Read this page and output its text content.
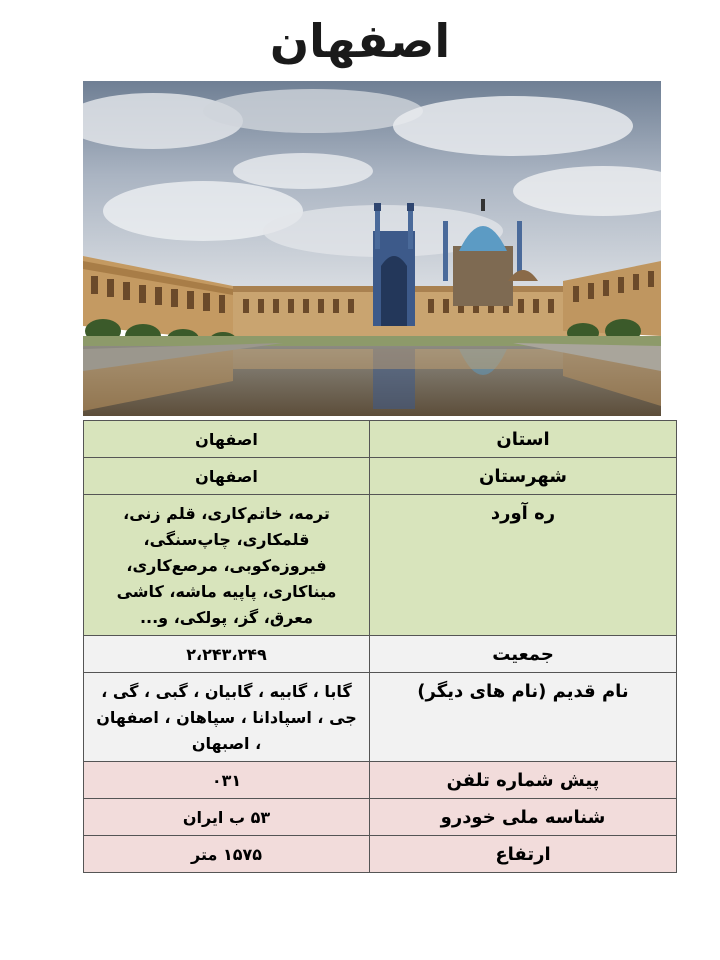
اصفهان
استان	اصفهان
شهرستان	اصفهان
ره آورد	ترمه، خاتم‌کاری، قلم زنی، قلمکاری، چاپ‌سنگی، فیروزه‌کوبی، مرصع‌کاری، میناکاری، پاپیه ماشه، کاشی معرق، گز، پولکی، و...
جمعیت	۲،۲۴۳،۲۴۹
نام قدیم (نام های دیگر)	گابا ، گابیه ، گابیان ، گبی ، گی ، جی ، اسپادانا ، سپاهان ، اصفهان ، اصبهان
پیش شماره تلفن	۰۳۱
شناسه ملی خودرو	۵۳ ب ایران
ارتفاع	۱۵۷۵ متر
